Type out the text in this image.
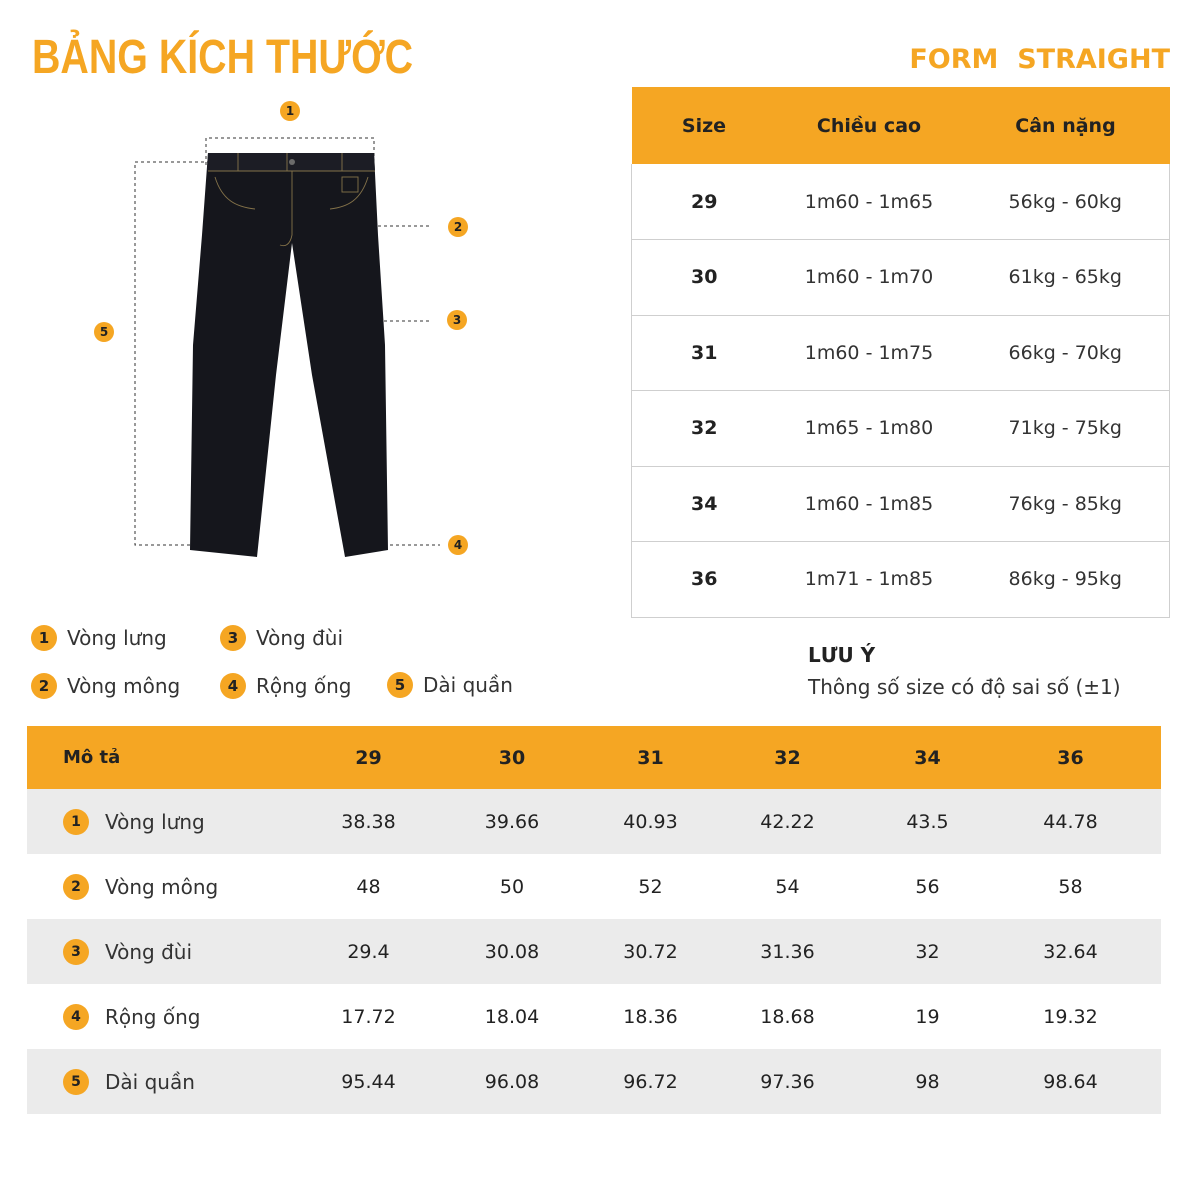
BẢNG KÍCH THƯỚC	FORM  STRAIGHT
1
2
3
4
5
Size	Chiều cao	Cân nặng
29	1m60 - 1m65	56kg - 60kg
30	1m60 - 1m70	61kg - 65kg
31	1m60 - 1m75	66kg - 70kg
32	1m65 - 1m80	71kg - 75kg
34	1m60 - 1m85	76kg - 85kg
36	1m71 - 1m85	86kg - 95kg
1 Vòng lưng	3 Vòng đùi
2 Vòng mông	4 Rộng ống	5 Dài quần
LƯU Ý
Thông số size có độ sai số (±1)
Mô tả	29	30	31	32	34	36
1	Vòng lưng	38.38	39.66	40.93	42.22	43.5	44.78
2	Vòng mông	48	50	52	54	56	58
3	Vòng đùi	29.4	30.08	30.72	31.36	32	32.64
4	Rộng ống	17.72	18.04	18.36	18.68	19	19.32
5	Dài quần	95.44	96.08	96.72	97.36	98	98.64
